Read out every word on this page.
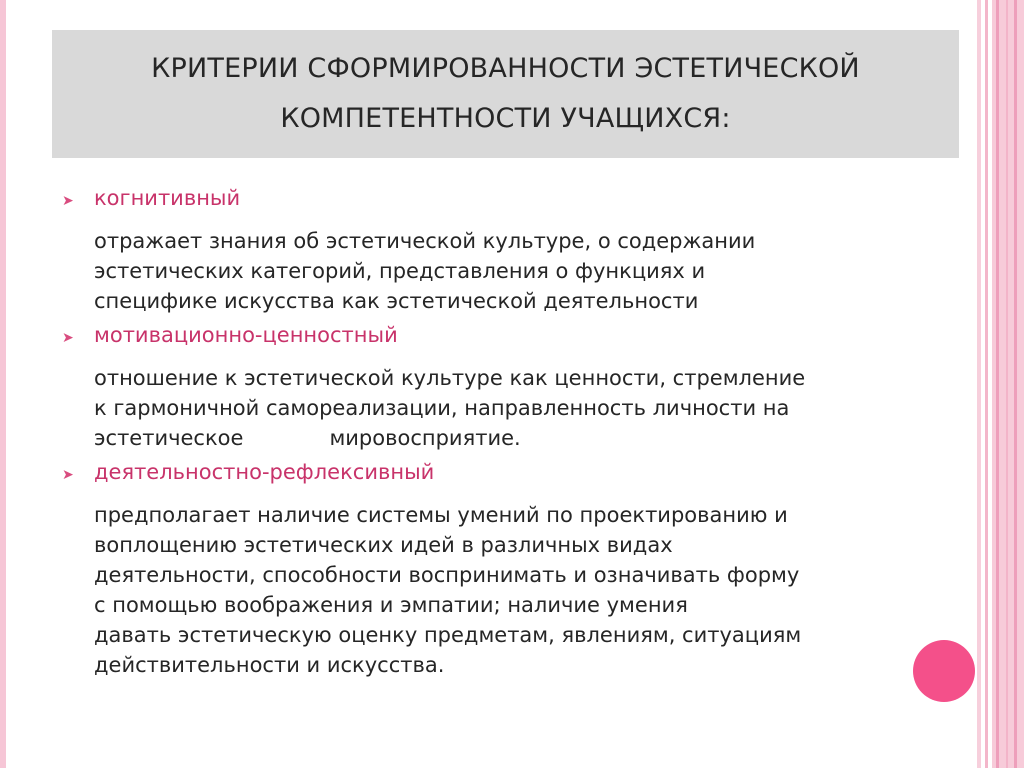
КРИТЕРИИ СФОРМИРОВАННОСТИ ЭСТЕТИЧЕСКОЙ
КОМПЕТЕНТНОСТИ УЧАЩИХСЯ:
➤ когнитивный
отражает знания об эстетической культуре, о содержании
эстетических категорий, представления о функциях и
специфике искусства как эстетической деятельности
➤ мотивационно-ценностный
отношение к эстетической культуре как ценности, стремление
к гармоничной самореализации, направленность личности на
эстетическое	мировосприятие.
➤ деятельностно-рефлексивный
предполагает наличие системы умений по проектированию и
воплощению эстетических идей в различных видах
деятельности, способности воспринимать и означивать форму
с помощью воображения и эмпатии; наличие умения
давать эстетическую оценку предметам, явлениям, ситуациям
действительности и искусства.
